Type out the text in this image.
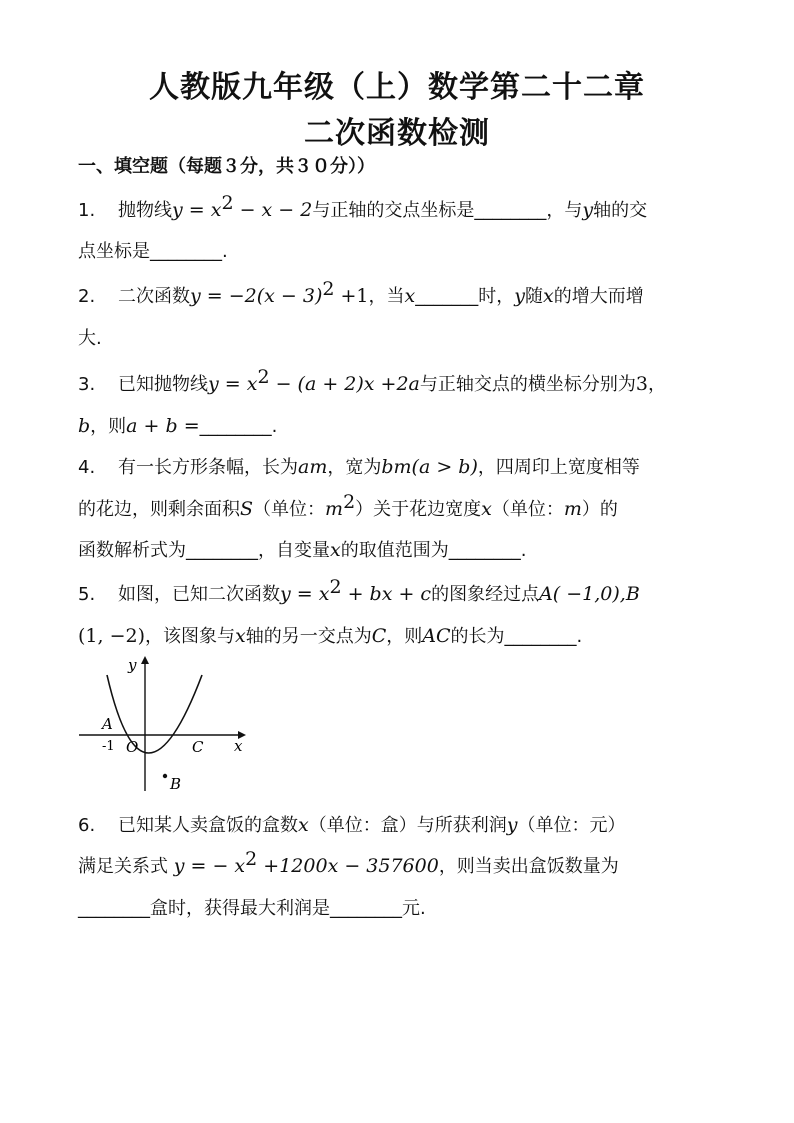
人教版九年级（上）数学第二十二章
二次函数检测
一、填空题（每题３分，共３０分））
1. 抛物线$y = x^2 - x - 2$与正轴的交点坐标是________，与y轴的交
点坐标是________.
2. 二次函数$y = -2(x - 3)^2 +1$，当x_______时，y随x的增大而增
大.
3. 已知抛物线$y = x^2 - (a + 2)x +2a$与正轴交点的横坐标分别为3，
b，则a + b =________.
4. 有一长方形条幅，长为am，宽为bm(a > b)，四周印上宽度相等
的花边，则剩余面积S（单位：$m^2$）关于花边宽度x（单位：m）的
函数解析式为________，自变量x的取值范围为________.
5. 如图，已知二次函数$y = x^2$ + bx + c的图象经过点A( −1,0),B
(1, −2)，该图象与x轴的另一交点为C，则AC的长为________.
y
x
A
-1 O	C
B
6. 已知某人卖盒饭的盒数x（单位：盒）与所获利润y（单位：元）
满足关系式 y = − $x^2 +1200x - 357600$，则当卖出盒饭数量为
________盒时，获得最大利润是________元.
